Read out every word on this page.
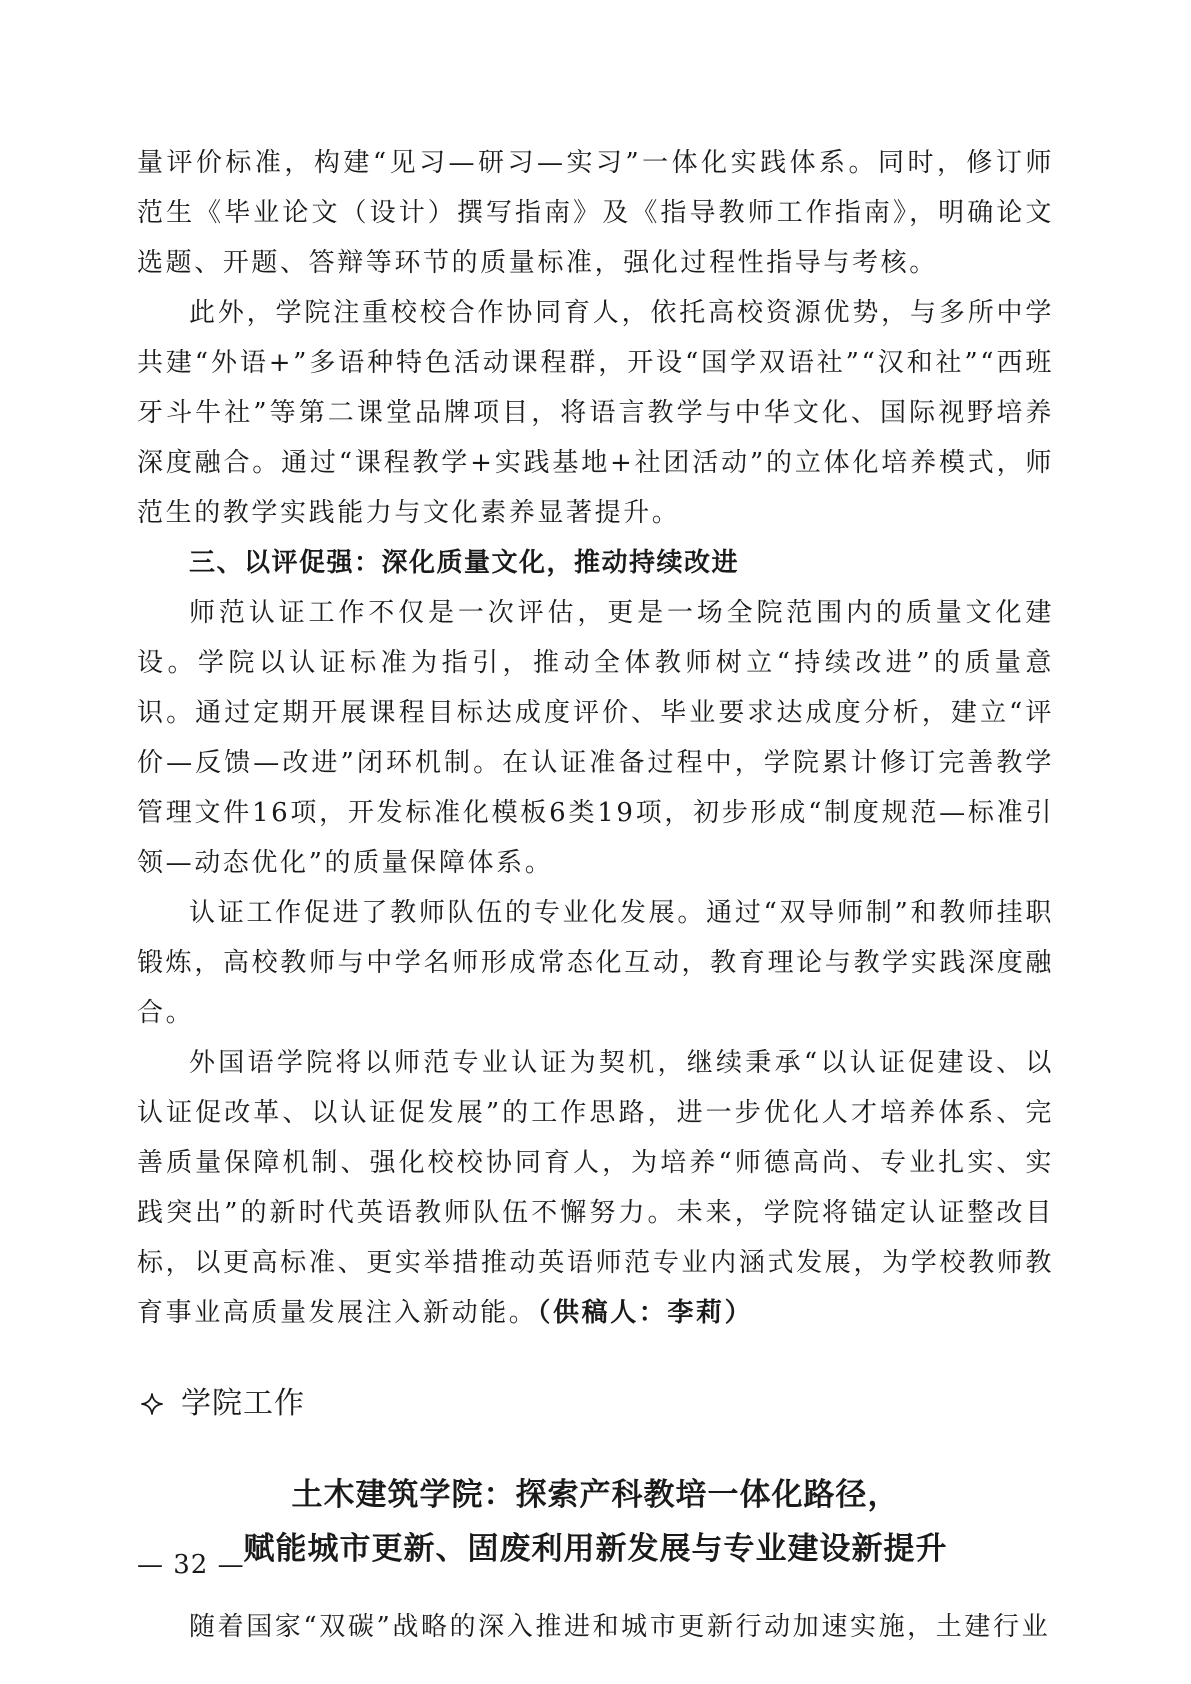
量评价标准，构建“见习—研习—实习”一体化实践体系。同时，修订师范生《毕业论文（设计）撰写指南》及《指导教师工作指南》，明确论文选题、开题、答辩等环节的质量标准，强化过程性指导与考核。

此外，学院注重校校合作协同育人，依托高校资源优势，与多所中学共建“外语+”多语种特色活动课程群，开设“国学双语社”“汉和社”“西班牙斗牛社”等第二课堂品牌项目，将语言教学与中华文化、国际视野培养深度融合。通过“课程教学+实践基地+社团活动”的立体化培养模式，师范生的教学实践能力与文化素养显著提升。

三、以评促强：深化质量文化，推动持续改进

师范认证工作不仅是一次评估，更是一场全院范围内的质量文化建设。学院以认证标准为指引，推动全体教师树立“持续改进”的质量意识。通过定期开展课程目标达成度评价、毕业要求达成度分析，建立“评价—反馈—改进”闭环机制。在认证准备过程中，学院累计修订完善教学管理文件16项，开发标准化模板6类19项，初步形成“制度规范—标准引领—动态优化”的质量保障体系。

认证工作促进了教师队伍的专业化发展。通过“双导师制”和教师挂职锻炼，高校教师与中学名师形成常态化互动，教育理论与教学实践深度融合。

外国语学院将以师范专业认证为契机，继续秉承“以认证促建设、以认证促改革、以认证促发展”的工作思路，进一步优化人才培养体系、完善质量保障机制、强化校校协同育人，为培养“师德高尚、专业扎实、实践突出”的新时代英语教师队伍不懈努力。未来，学院将锚定认证整改目标，以更高标准、更实举措推动英语师范专业内涵式发展，为学校教师教育事业高质量发展注入新动能。（供稿人：李莉）

学院工作
土木建筑学院：探索产科教培一体化路径，
赋能城市更新、固废利用新发展与专业建设新提升

随着国家“双碳”战略的深入推进和城市更新行动加速实施，土建行业

— 32 —
